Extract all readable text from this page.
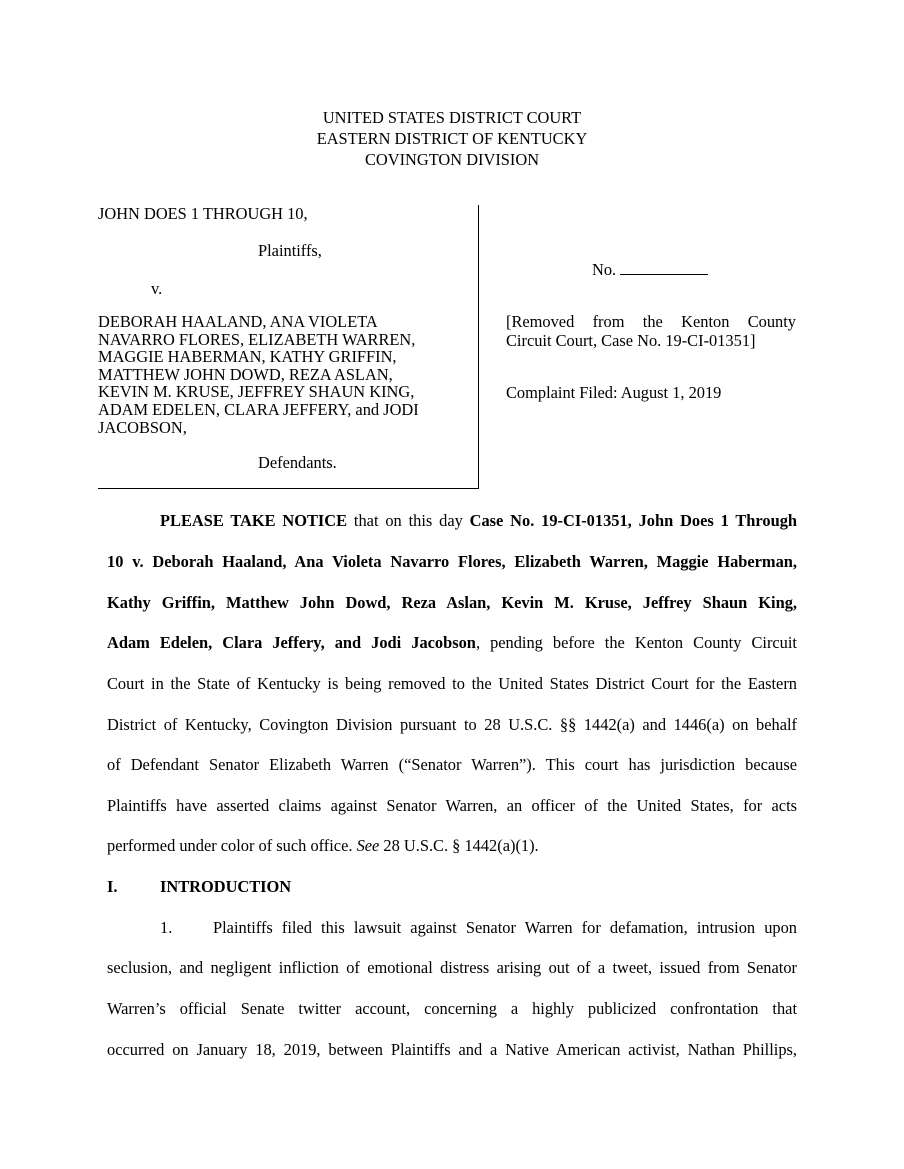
UNITED STATES DISTRICT COURT
EASTERN DISTRICT OF KENTUCKY
COVINGTON DIVISION
JOHN DOES 1 THROUGH 10,
Plaintiffs,
v.
DEBORAH HAALAND, ANA VIOLETA
NAVARRO FLORES, ELIZABETH WARREN,
MAGGIE HABERMAN, KATHY GRIFFIN,
MATTHEW JOHN DOWD, REZA ASLAN,
KEVIN M. KRUSE, JEFFREY SHAUN KING,
ADAM EDELEN, CLARA JEFFERY, and JODI
JACOBSON,
Defendants.
No.
[Removed from the Kenton County
Circuit Court, Case No. 19-CI-01351]
Complaint Filed: August 1, 2019
PLEASE TAKE NOTICE that on this day Case No. 19-CI-01351, John Does 1 Through
10 v. Deborah Haaland, Ana Violeta Navarro Flores, Elizabeth Warren, Maggie Haberman,
Kathy Griffin, Matthew John Dowd, Reza Aslan, Kevin M. Kruse, Jeffrey Shaun King,
Adam Edelen, Clara Jeffery, and Jodi Jacobson, pending before the Kenton County Circuit
Court in the State of Kentucky is being removed to the United States District Court for the Eastern
District of Kentucky, Covington Division pursuant to 28 U.S.C. §§ 1442(a) and 1446(a) on behalf
of Defendant Senator Elizabeth Warren (“Senator Warren”). This court has jurisdiction because
Plaintiffs have asserted claims against Senator Warren, an officer of the United States, for acts
performed under color of such office. See 28 U.S.C. § 1442(a)(1).
I.	INTRODUCTION
1. Plaintiffs filed this lawsuit against Senator Warren for defamation, intrusion upon
seclusion, and negligent infliction of emotional distress arising out of a tweet, issued from Senator
Warren’s official Senate twitter account, concerning a highly publicized confrontation that
occurred on January 18, 2019, between Plaintiffs and a Native American activist, Nathan Phillips,
